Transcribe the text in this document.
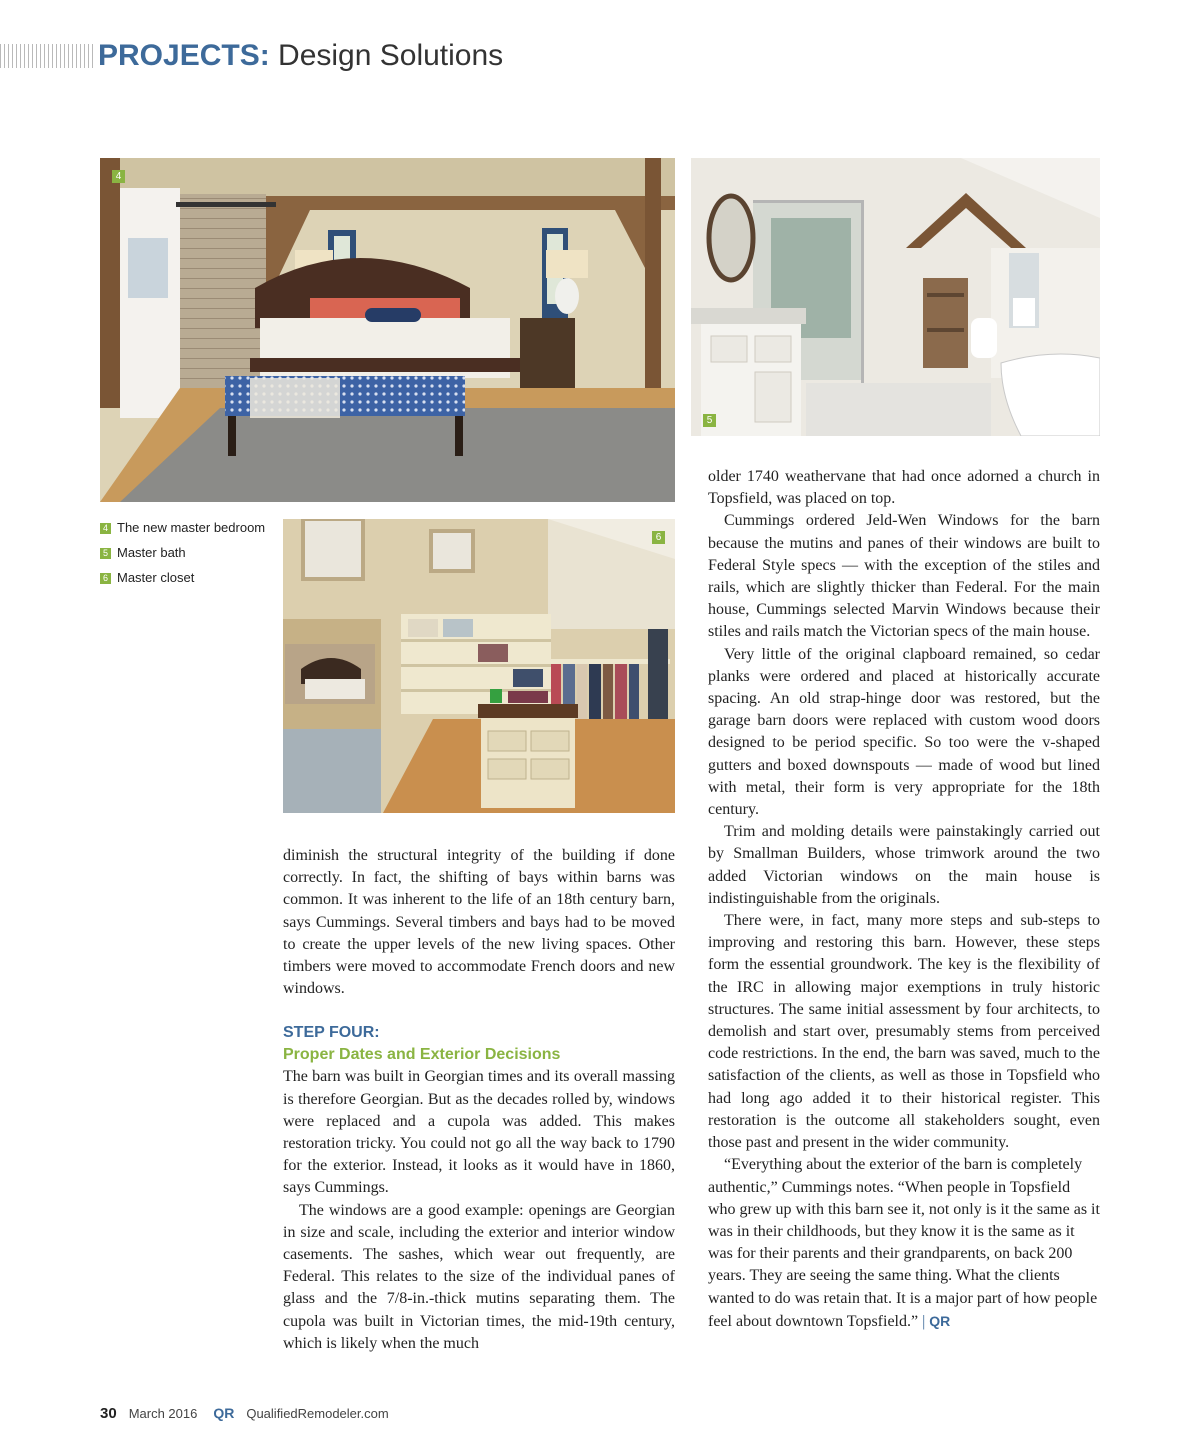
PROJECTS: Design Solutions
4
5
6
4 The new master bedroom
5 Master bath
6 Master closet

diminish the structural integrity of the building if done correctly. In fact, the shifting of bays within barns was common. It was inherent to the life of an 18th century barn, says Cummings. Several timbers and bays had to be moved to create the upper levels of the new living spaces. Other timbers were moved to accommodate French doors and new windows.

STEP FOUR:

Proper Dates and Exterior Decisions

The barn was built in Georgian times and its overall massing is therefore Georgian. But as the decades rolled by, windows were replaced and a cupola was added. This makes restoration tricky. You could not go all the way back to 1790 for the exterior. Instead, it looks as it would have in 1860, says Cummings.

The windows are a good example: openings are Georgian in size and scale, including the exterior and interior window casements. The sashes, which wear out frequently, are Federal. This relates to the size of the individual panes of glass and the 7/8-in.-thick mutins separating them. The cupola was built in Victorian times, the mid-19th century, which is likely when the much

older 1740 weathervane that had once adorned a church in Topsfield, was placed on top.

Cummings ordered Jeld-Wen Windows for the barn because the mutins and panes of their windows are built to Federal Style specs — with the exception of the stiles and rails, which are slightly thicker than Federal. For the main house, Cummings selected Marvin Windows because their stiles and rails match the Victorian specs of the main house.

Very little of the original clapboard remained, so cedar planks were ordered and placed at historically accurate spacing. An old strap-hinge door was restored, but the garage barn doors were replaced with custom wood doors designed to be period specific. So too were the v-shaped gutters and boxed downspouts — made of wood but lined with metal, their form is very appropriate for the 18th century.

Trim and molding details were painstakingly carried out by Smallman Builders, whose trimwork around the two added Victorian windows on the main house is indistinguishable from the originals.

There were, in fact, many more steps and sub-steps to improving and restoring this barn. However, these steps form the essential groundwork. The key is the flexibility of the IRC in allowing major exemptions in truly historic structures. The same initial assessment by four architects, to demolish and start over, presumably stems from perceived code restrictions. In the end, the barn was saved, much to the satisfaction of the clients, as well as those in Topsfield who had long ago added it to their historical register. This restoration is the outcome all stakeholders sought, even those past and present in the wider community.

“Everything about the exterior of the barn is completely authentic,” Cummings notes. “When people in Topsfield who grew up with this barn see it, not only is it the same as it was in their childhoods, but they know it is the same as it was for their parents and their grandparents, on back 200 years. They are seeing the same thing. What the clients wanted to do was retain that. It is a major part of how people feel about downtown Topsfield.” | QR

30 March 2016 QR QualifiedRemodeler.com
